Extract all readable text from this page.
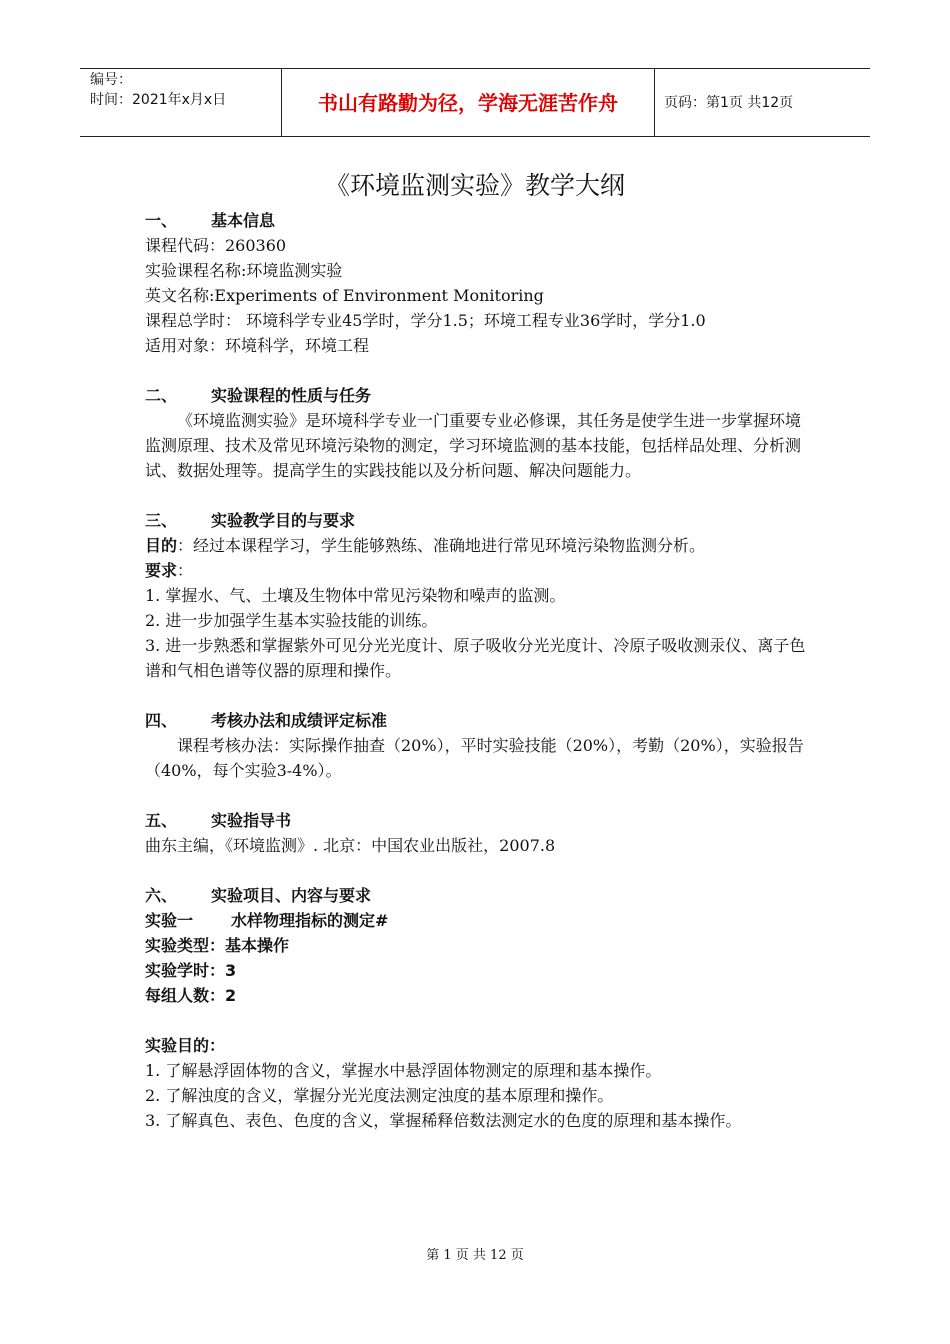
编号：
时间：2021年x月x日	书山有路勤为径，学海无涯苦作舟	页码：第1页 共12页
《环境监测实验》教学大纲
一、 基本信息
课程代码：260360
实验课程名称:环境监测实验
英文名称:Experiments of Environment Monitoring
课程总学时： 环境科学专业45学时，学分1.5；环境工程专业36学时，学分1.0
适用对象：环境科学，环境工程
二、 实验课程的性质与任务
《环境监测实验》是环境科学专业一门重要专业必修课，其任务是使学生进一步掌握环境监测原理、技术及常见环境污染物的测定，学习环境监测的基本技能，包括样品处理、分析测试、数据处理等。提高学生的实践技能以及分析问题、解决问题能力。
三、 实验教学目的与要求
目的：经过本课程学习，学生能够熟练、准确地进行常见环境污染物监测分析。
要求：
1. 掌握水、气、土壤及生物体中常见污染物和噪声的监测。
2. 进一步加强学生基本实验技能的训练。
3. 进一步熟悉和掌握紫外可见分光光度计、原子吸收分光光度计、冷原子吸收测汞仪、离子色谱和气相色谱等仪器的原理和操作。
四、 考核办法和成绩评定标准
课程考核办法：实际操作抽查（20%），平时实验技能（20%），考勤（20%），实验报告（40%，每个实验3-4%）。
五、 实验指导书
曲东主编，《环境监测》. 北京：中国农业出版社，2007.8
六、 实验项目、内容与要求
实验一 水样物理指标的测定#
实验类型：基本操作
实验学时：3
每组人数：2
实验目的：
1. 了解悬浮固体物的含义，掌握水中悬浮固体物测定的原理和基本操作。
2. 了解浊度的含义，掌握分光光度法测定浊度的基本原理和操作。
3. 了解真色、表色、色度的含义，掌握稀释倍数法测定水的色度的原理和基本操作。
第 1 页 共 12 页
